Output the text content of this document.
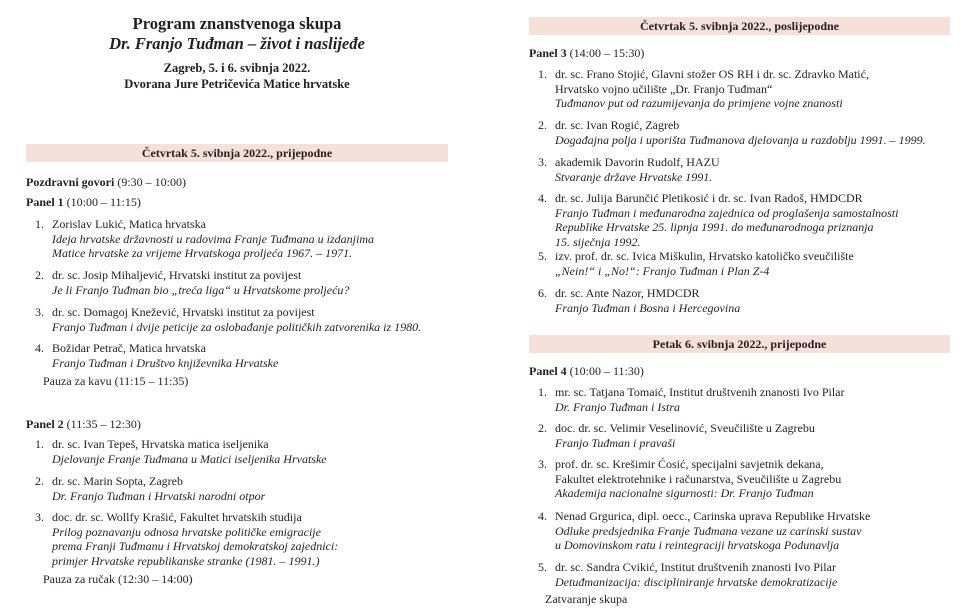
Program znanstvenoga skupa
Dr. Franjo Tuđman – život i naslijeđe
Zagreb, 5. i 6. svibnja 2022.
Dvorana Jure Petričevića Matice hrvatske
Četvrtak 5. svibnja 2022., prijepodne
Pozdravni govori (9:30 – 10:00)
Panel 1 (10:00 – 11:15)
1. Zorislav Lukić, Matica hrvatska
Ideja hrvatske državnosti u radovima Franje Tuđmana u izdanjima
Matice hrvatske za vrijeme Hrvatskoga proljeća 1967. – 1971.
2. dr. sc. Josip Mihaljević, Hrvatski institut za povijest
Je li Franjo Tuđman bio „treća liga“ u Hrvatskome proljeću?
3. dr. sc. Domagoj Knežević, Hrvatski institut za povijest
Franjo Tuđman i dvije peticije za oslobađanje političkih zatvorenika iz 1980.
4. Božidar Petrač, Matica hrvatska
Franjo Tuđman i Društvo književnika Hrvatske
Pauza za kavu (11:15 – 11:35)
Panel 2 (11:35 – 12:30)
1. dr. sc. Ivan Tepeš, Hrvatska matica iseljenika
Djelovanje Franje Tuđmana u Matici iseljenika Hrvatske
2. dr. sc. Marin Sopta, Zagreb
Dr. Franjo Tuđman i Hrvatski narodni otpor
3. doc. dr. sc. Wollfy Krašić, Fakultet hrvatskih studija
Prilog poznavanju odnosa hrvatske političke emigracije
prema Franji Tuđmanu i Hrvatskoj demokratskoj zajednici:
primjer Hrvatske republikanske stranke (1981. – 1991.)
Pauza za ručak (12:30 – 14:00)
Četvrtak 5. svibnja 2022., poslijepodne
Panel 3 (14:00 – 15:30)
1. dr. sc. Frano Stojić, Glavni stožer OS RH i dr. sc. Zdravko Matić,
Hrvatsko vojno učilište „Dr. Franjo Tuđman“
Tuđmanov put od razumijevanja do primjene vojne znanosti
2. dr. sc. Ivan Rogić, Zagreb
Događajna polja i uporišta Tuđmanova djelovanja u razdoblju 1991. – 1999.
3. akademik Davorin Rudolf, HAZU
Stvaranje države Hrvatske 1991.
4. dr. sc. Julija Barunčić Pletikosić i dr. sc. Ivan Radoš, HMDCDR
Franjo Tuđman i međunarodna zajednica od proglašenja samostalnosti
Republike Hrvatske 25. lipnja 1991. do međunarodnoga priznanja
15. siječnja 1992.
5. izv. prof. dr. sc. Ivica Miškulin, Hrvatsko katoličko sveučilište
„Nein!“ i „No!“: Franjo Tuđman i Plan Z-4
6. dr. sc. Ante Nazor, HMDCDR
Franjo Tuđman i Bosna i Hercegovina
Petak 6. svibnja 2022., prijepodne
Panel 4 (10:00 – 11:30)
1. mr. sc. Tatjana Tomaić, Institut društvenih znanosti Ivo Pilar
Dr. Franjo Tuđman i Istra
2. doc. dr. sc. Velimir Veselinović, Sveučilište u Zagrebu
Franjo Tuđman i pravaši
3. prof. dr. sc. Krešimir Ćosić, specijalni savjetnik dekana,
Fakultet elektrotehnike i računarstva, Sveučilište u Zagrebu
Akademija nacionalne sigurnosti: Dr. Franjo Tuđman
4. Nenad Grgurica, dipl. oecc., Carinska uprava Republike Hrvatske
Odluke predsjednika Franje Tuđmana vezane uz carinski sustav
u Domovinskom ratu i reintegraciji hrvatskoga Podunavlja
5. dr. sc. Sandra Cvikić, Institut društvenih znanosti Ivo Pilar
Detuđmanizacija: discipliniranje hrvatske demokratizacije
Zatvaranje skupa
